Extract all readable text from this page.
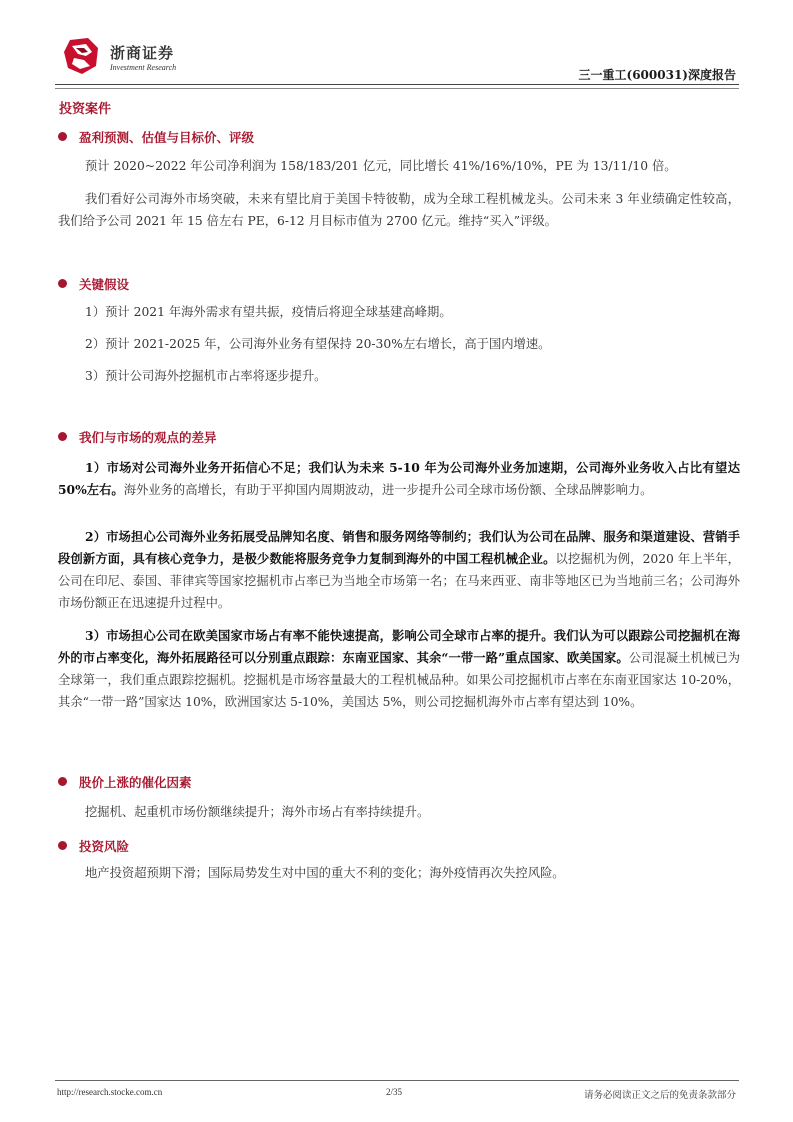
浙商证券
Investment Research
三一重工(600031)深度报告
投资案件
盈利预测、估值与目标价、评级
预计 2020~2022 年公司净利润为 158/183/201 亿元，同比增长 41%/16%/10%，PE 为 13/11/10 倍。
我们看好公司海外市场突破，未来有望比肩于美国卡特彼勒，成为全球工程机械龙头。公司未来 3 年业绩确定性较高，我们给予公司 2021 年 15 倍左右 PE，6-12 月目标市值为 2700 亿元。维持“买入”评级。
关键假设
1）预计 2021 年海外需求有望共振，疫情后将迎全球基建高峰期。
2）预计 2021-2025 年，公司海外业务有望保持 20-30%左右增长，高于国内增速。
3）预计公司海外挖掘机市占率将逐步提升。
我们与市场的观点的差异
1）市场对公司海外业务开拓信心不足；我们认为未来 5-10 年为公司海外业务加速期，公司海外业务收入占比有望达 50%左右。海外业务的高增长，有助于平抑国内周期波动，进一步提升公司全球市场份额、全球品牌影响力。
2）市场担心公司海外业务拓展受品牌知名度、销售和服务网络等制约；我们认为公司在品牌、服务和渠道建设、营销手段创新方面，具有核心竞争力，是极少数能将服务竞争力复制到海外的中国工程机械企业。以挖掘机为例，2020 年上半年，公司在印尼、泰国、菲律宾等国家挖掘机市占率已为当地全市场第一名；在马来西亚、南非等地区已为当地前三名；公司海外市场份额正在迅速提升过程中。
3）市场担心公司在欧美国家市场占有率不能快速提高，影响公司全球市占率的提升。我们认为可以跟踪公司挖掘机在海外的市占率变化，海外拓展路径可以分别重点跟踪：东南亚国家、其余“一带一路”重点国家、欧美国家。公司混凝土机械已为全球第一，我们重点跟踪挖掘机。挖掘机是市场容量最大的工程机械品种。如果公司挖掘机市占率在东南亚国家达 10-20%，其余“一带一路”国家达 10%，欧洲国家达 5-10%，美国达 5%，则公司挖掘机海外市占率有望达到 10%。
股价上涨的催化因素
挖掘机、起重机市场份额继续提升；海外市场占有率持续提升。
投资风险
地产投资超预期下滑；国际局势发生对中国的重大不利的变化；海外疫情再次失控风险。
http://research.stocke.com.cn	2/35	请务必阅读正文之后的免责条款部分
